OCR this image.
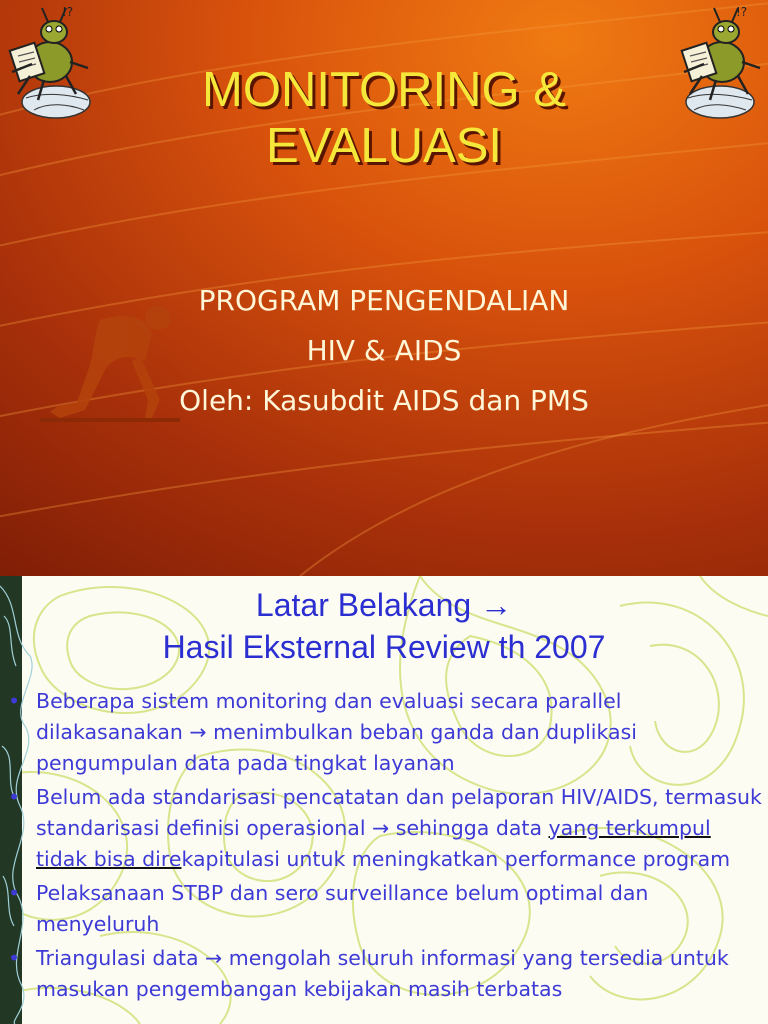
!?	!?
MONITORING &
EVALUASI
PROGRAM PENGENDALIAN
HIV & AIDS
Oleh: Kasubdit AIDS dan PMS
Latar Belakang →
Hasil Eksternal Review th 2007
• Beberapa sistem monitoring dan evaluasi secara parallel dilakasanakan → menimbulkan beban ganda dan duplikasi pengumpulan data pada tingkat layanan
• Belum ada standarisasi pencatatan dan pelaporan HIV/AIDS, termasuk standarisasi definisi operasional → sehingga data yang terkumpul tidak bisa direkapitulasi untuk meningkatkan performance program
• Pelaksanaan STBP dan sero surveillance belum optimal dan menyeluruh
• Triangulasi data → mengolah seluruh informasi yang tersedia untuk masukan pengembangan kebijakan masih terbatas
